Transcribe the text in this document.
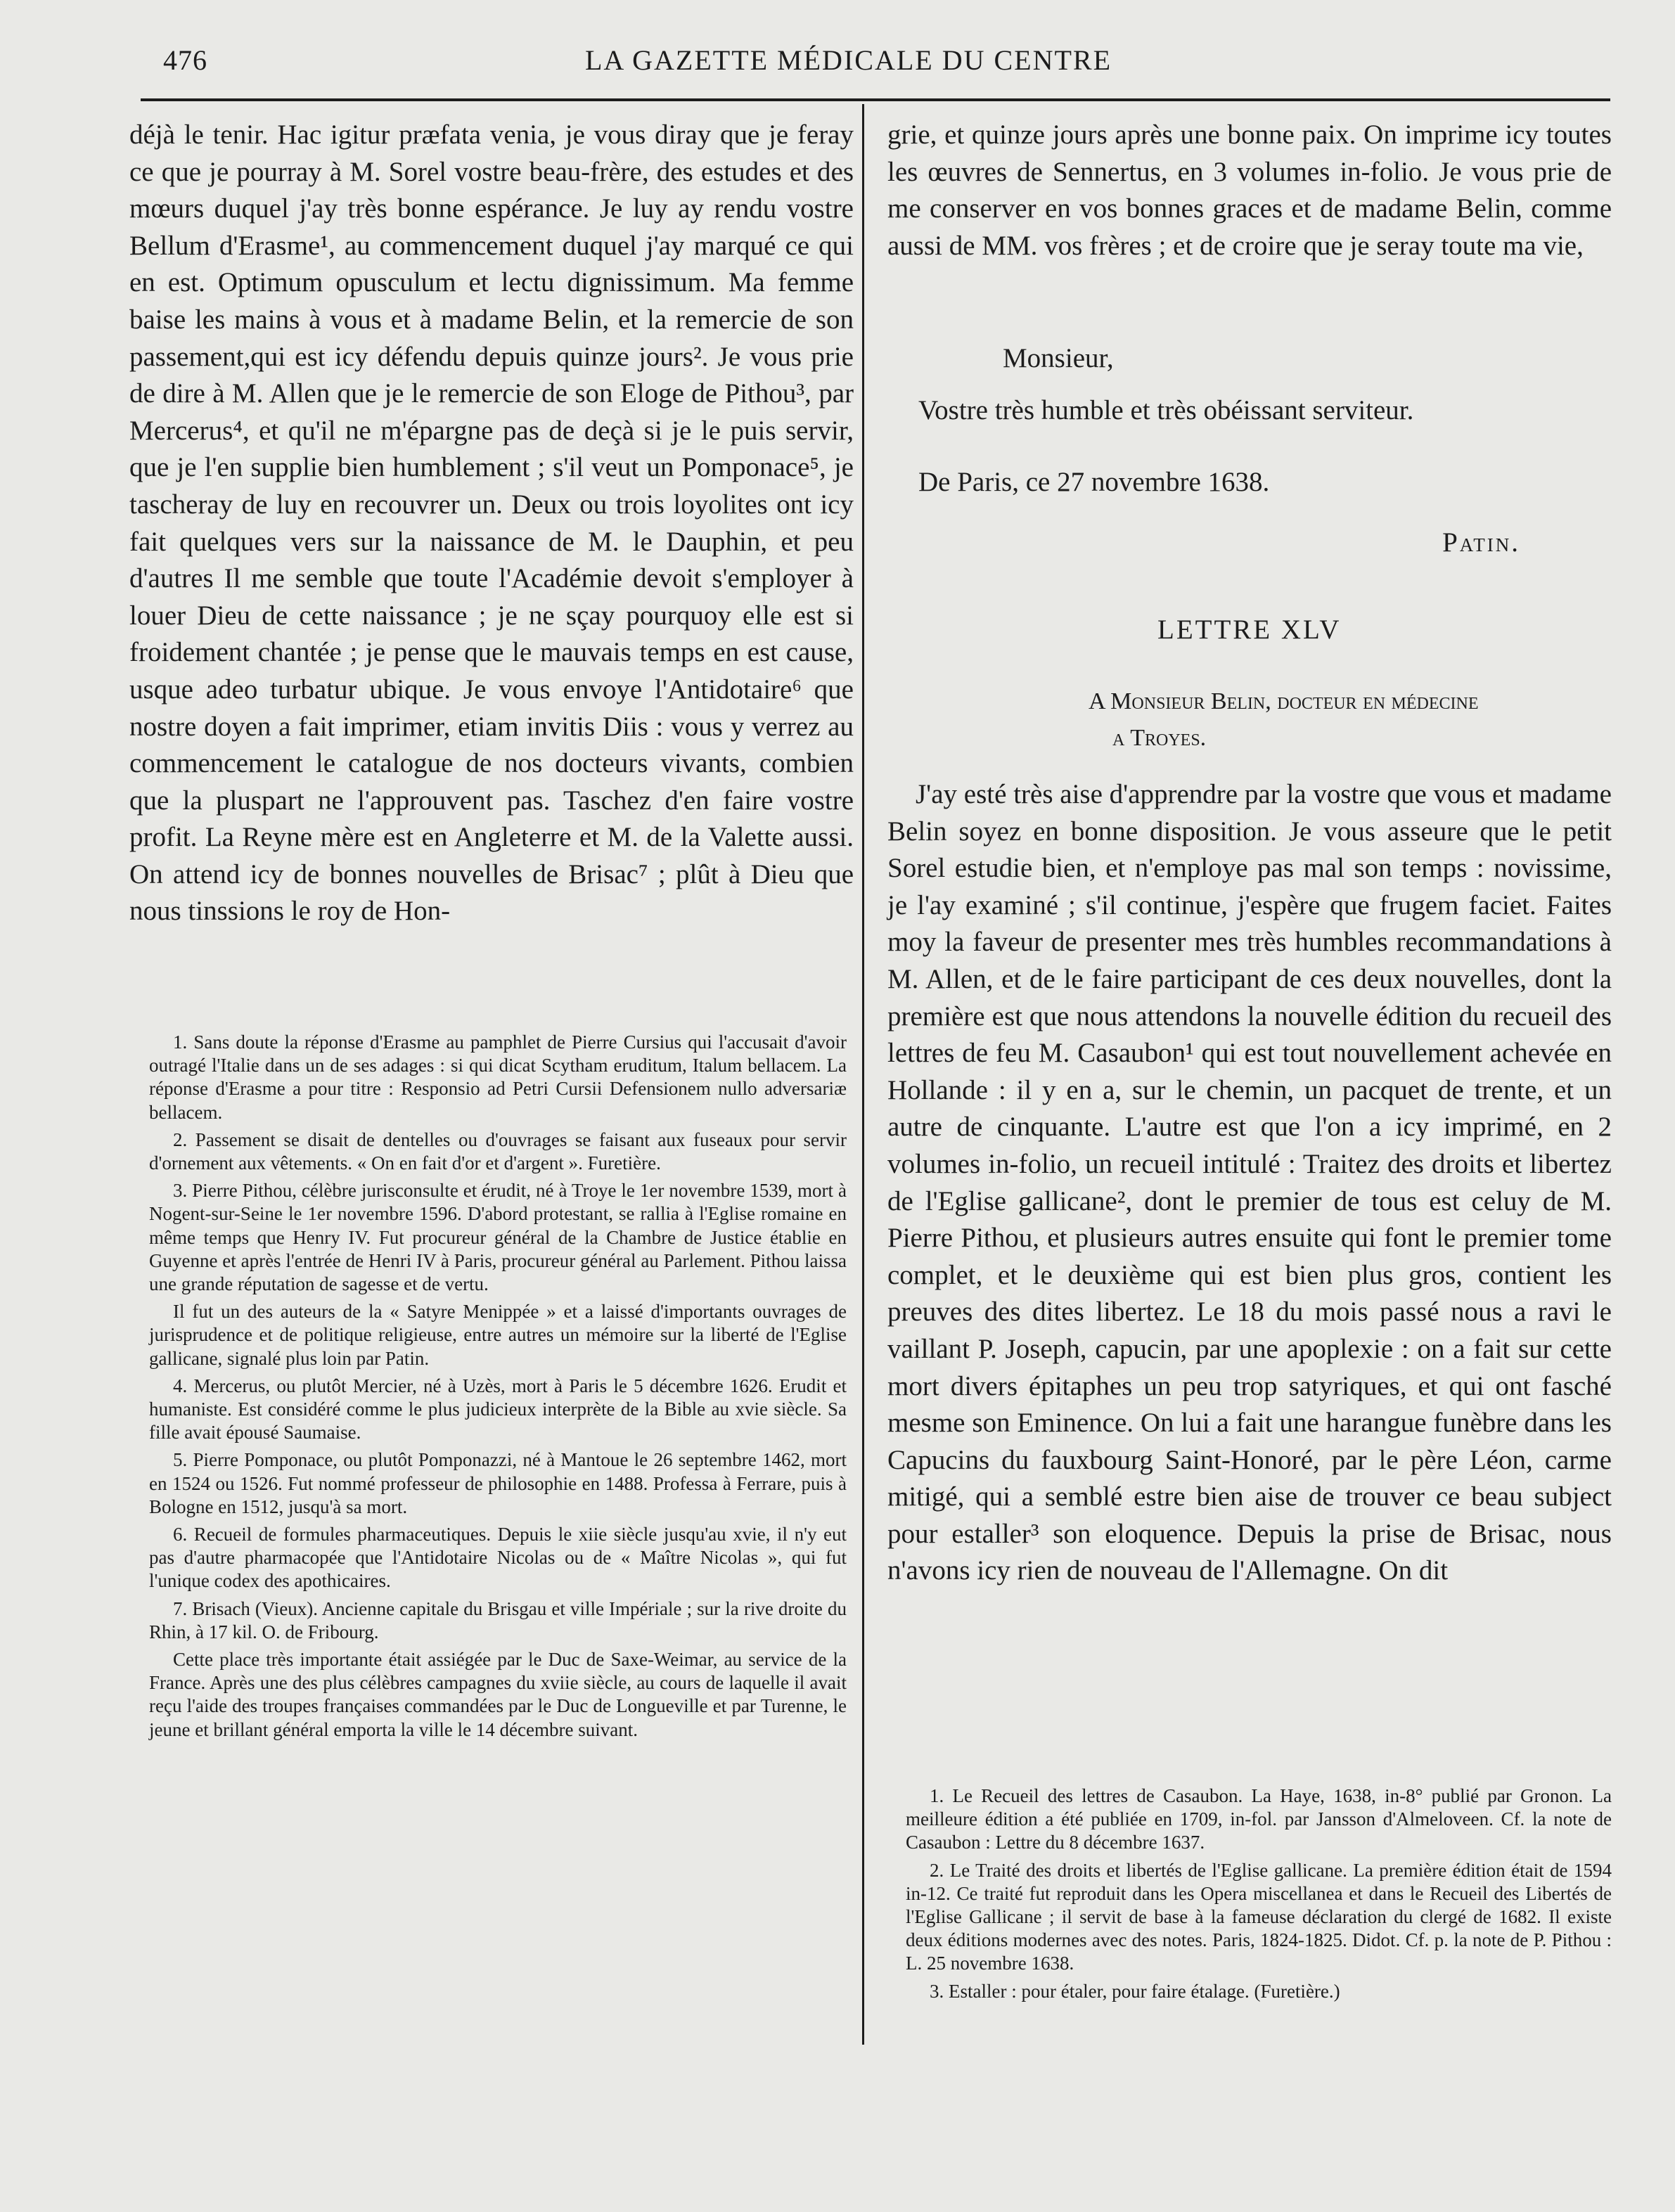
476	LA GAZETTE MÉDICALE DU CENTRE

déjà le tenir. Hac igitur præfata venia, je vous diray que je feray ce que je pourray à M. Sorel vostre beau-frère, des estudes et des mœurs duquel j'ay très bonne espérance. Je luy ay rendu vostre Bellum d'Erasme¹, au commencement duquel j'ay marqué ce qui en est. Optimum opusculum et lectu dignissimum. Ma femme baise les mains à vous et à madame Belin, et la remercie de son passement,qui est icy défendu depuis quinze jours². Je vous prie de dire à M. Allen que je le remercie de son Eloge de Pithou³, par Mercerus⁴, et qu'il ne m'épargne pas de deçà si je le puis servir, que je l'en supplie bien humblement ; s'il veut un Pomponace⁵, je tascheray de luy en recouvrer un. Deux ou trois loyolites ont icy fait quelques vers sur la naissance de M. le Dauphin, et peu d'autres Il me semble que toute l'Académie devoit s'employer à louer Dieu de cette naissance ; je ne sçay pourquoy elle est si froidement chantée ; je pense que le mauvais temps en est cause, usque adeo turbatur ubique. Je vous envoye l'Antidotaire⁶ que nostre doyen a fait imprimer, etiam invitis Diis : vous y verrez au commencement le catalogue de nos docteurs vivants, combien que la pluspart ne l'approuvent pas. Taschez d'en faire vostre profit. La Reyne mère est en Angleterre et M. de la Valette aussi. On attend icy de bonnes nouvelles de Brisac⁷ ; plût à Dieu que nous tinssions le roy de Hon-

1. Sans doute la réponse d'Erasme au pamphlet de Pierre Cursius qui l'accusait d'avoir outragé l'Italie dans un de ses adages : si qui dicat Scytham eruditum, Italum bellacem. La réponse d'Erasme a pour titre : Responsio ad Petri Cursii Defensionem nullo adversariæ bellacem.

2. Passement se disait de dentelles ou d'ouvrages se faisant aux fuseaux pour servir d'ornement aux vêtements. « On en fait d'or et d'argent ». Furetière.

3. Pierre Pithou, célèbre jurisconsulte et érudit, né à Troye le 1er novembre 1539, mort à Nogent-sur-Seine le 1er novembre 1596. D'abord protestant, se rallia à l'Eglise romaine en même temps que Henry IV. Fut procureur général de la Chambre de Justice établie en Guyenne et après l'entrée de Henri IV à Paris, procureur général au Parlement. Pithou laissa une grande réputation de sagesse et de vertu.

Il fut un des auteurs de la « Satyre Menippée » et a laissé d'importants ouvrages de jurisprudence et de politique religieuse, entre autres un mémoire sur la liberté de l'Eglise gallicane, signalé plus loin par Patin.

4. Mercerus, ou plutôt Mercier, né à Uzès, mort à Paris le 5 décembre 1626. Erudit et humaniste. Est considéré comme le plus judicieux interprète de la Bible au xvie siècle. Sa fille avait épousé Saumaise.

5. Pierre Pomponace, ou plutôt Pomponazzi, né à Mantoue le 26 septembre 1462, mort en 1524 ou 1526. Fut nommé professeur de philosophie en 1488. Professa à Ferrare, puis à Bologne en 1512, jusqu'à sa mort.

6. Recueil de formules pharmaceutiques. Depuis le xiie siècle jusqu'au xvie, il n'y eut pas d'autre pharmacopée que l'Antidotaire Nicolas ou de « Maître Nicolas », qui fut l'unique codex des apothicaires.

7. Brisach (Vieux). Ancienne capitale du Brisgau et ville Impériale ; sur la rive droite du Rhin, à 17 kil. O. de Fribourg.

Cette place très importante était assiégée par le Duc de Saxe-Weimar, au service de la France. Après une des plus célèbres campagnes du xviie siècle, au cours de laquelle il avait reçu l'aide des troupes françaises commandées par le Duc de Longueville et par Turenne, le jeune et brillant général emporta la ville le 14 décembre suivant.

grie, et quinze jours après une bonne paix. On imprime icy toutes les œuvres de Sennertus, en 3 volumes in-folio. Je vous prie de me conserver en vos bonnes graces et de madame Belin, comme aussi de MM. vos frères ; et de croire que je seray toute ma vie,

Monsieur,
Vostre très humble et très obéissant serviteur.
De Paris, ce 27 novembre 1638.
Patin.
LETTRE XLV
A Monsieur Belin, docteur en médecine
a Troyes.

J'ay esté très aise d'apprendre par la vostre que vous et madame Belin soyez en bonne disposition. Je vous asseure que le petit Sorel estudie bien, et n'employe pas mal son temps : novissime, je l'ay examiné ; s'il continue, j'espère que frugem faciet. Faites moy la faveur de presenter mes très humbles recommandations à M. Allen, et de le faire participant de ces deux nouvelles, dont la première est que nous attendons la nouvelle édition du recueil des lettres de feu M. Casaubon¹ qui est tout nouvellement achevée en Hollande : il y en a, sur le chemin, un pacquet de trente, et un autre de cinquante. L'autre est que l'on a icy imprimé, en 2 volumes in-folio, un recueil intitulé : Traitez des droits et libertez de l'Eglise gallicane², dont le premier de tous est celuy de M. Pierre Pithou, et plusieurs autres ensuite qui font le premier tome complet, et le deuxième qui est bien plus gros, contient les preuves des dites libertez. Le 18 du mois passé nous a ravi le vaillant P. Joseph, capucin, par une apoplexie : on a fait sur cette mort divers épitaphes un peu trop satyriques, et qui ont fasché mesme son Eminence. On lui a fait une harangue funèbre dans les Capucins du fauxbourg Saint-Honoré, par le père Léon, carme mitigé, qui a semblé estre bien aise de trouver ce beau subject pour estaller³ son eloquence. Depuis la prise de Brisac, nous n'avons icy rien de nouveau de l'Allemagne. On dit

1. Le Recueil des lettres de Casaubon. La Haye, 1638, in-8° publié par Gronon. La meilleure édition a été publiée en 1709, in-fol. par Jansson d'Almeloveen. Cf. la note de Casaubon : Lettre du 8 décembre 1637.

2. Le Traité des droits et libertés de l'Eglise gallicane. La première édition était de 1594 in-12. Ce traité fut reproduit dans les Opera miscellanea et dans le Recueil des Libertés de l'Eglise Gallicane ; il servit de base à la fameuse déclaration du clergé de 1682. Il existe deux éditions modernes avec des notes. Paris, 1824-1825. Didot. Cf. p. la note de P. Pithou : L. 25 novembre 1638.

3. Estaller : pour étaler, pour faire étalage. (Furetière.)
